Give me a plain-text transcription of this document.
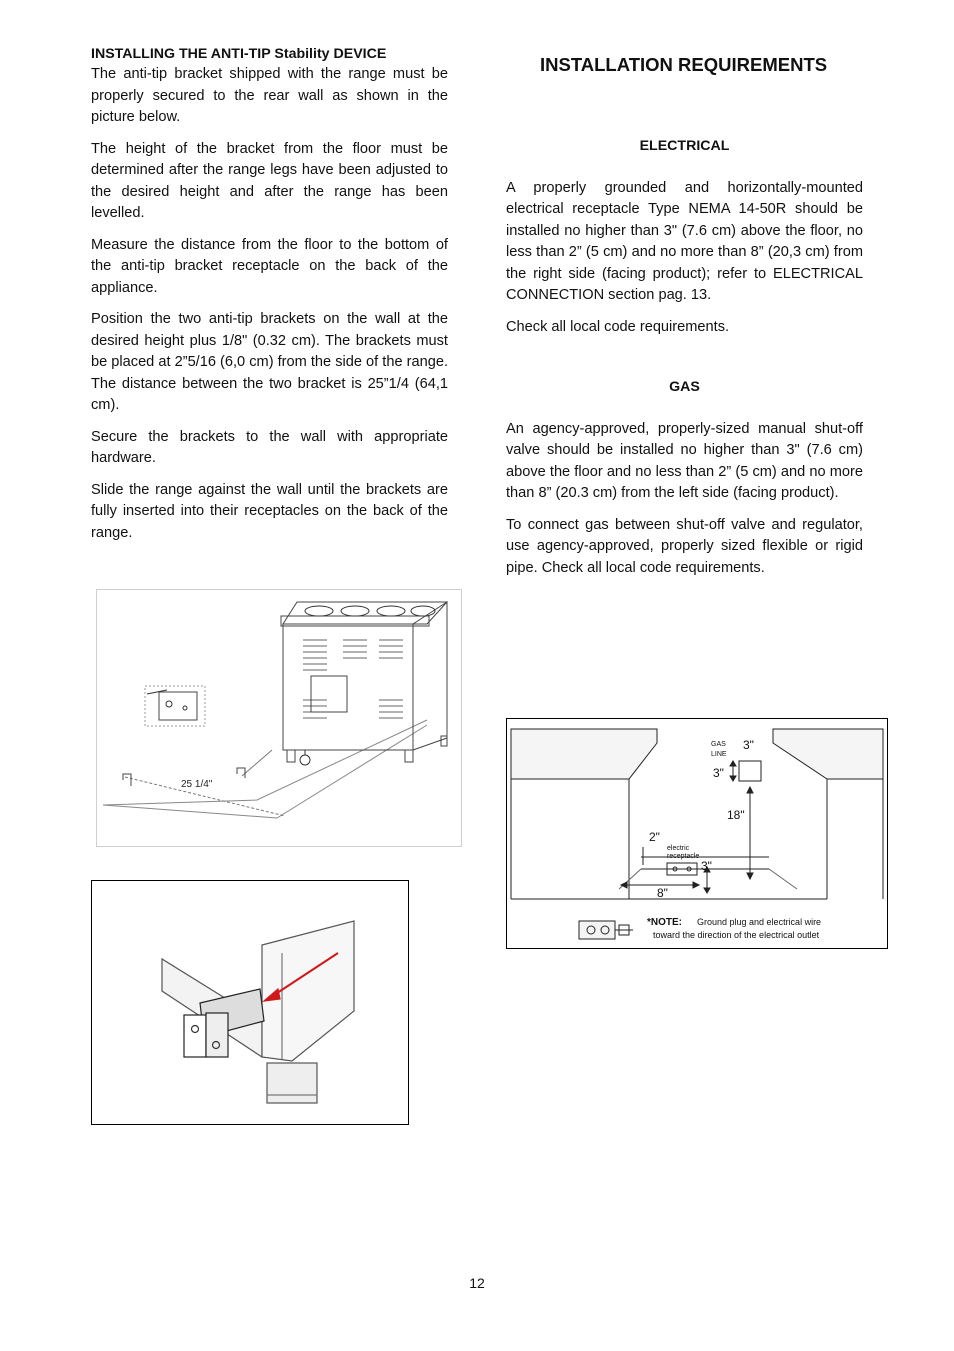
INSTALLING THE ANTI-TIP Stability DEVICE

The anti-tip bracket shipped with the range must be properly secured to the rear wall as shown in the picture below.

The height of the bracket from the floor must be determined after the range legs have been adjusted to the desired height and after the range has been levelled.

Measure the distance from the floor to the bottom of the anti-tip bracket receptacle on the back of the appliance.

Position the two anti-tip brackets on the wall at the desired height plus 1/8" (0.32 cm). The brackets must be placed at 2”5/16 (6,0 cm) from the side of the range. The distance between the two bracket is 25”1/4 (64,1 cm).

Secure the brackets to the wall with appropriate hardware.

Slide the range against the wall until the brackets are fully inserted into their receptacles on the back of the range.

INSTALLATION REQUIREMENTS
ELECTRICAL

A properly grounded and horizontally-mounted electrical receptacle Type NEMA 14-50R should be installed no higher than 3" (7.6 cm) above the floor, no less than 2” (5 cm) and no more than 8” (20,3 cm) from the right side (facing product); refer to ELECTRICAL CONNECTION section pag. 13.

Check all local code requirements.

GAS

An agency-approved, properly-sized manual shut-off valve should be installed no higher than 3" (7.6 cm) above the floor and no less than 2” (5 cm) and no more than 8” (20.3 cm) from the left side (facing product).

To connect gas between shut-off valve and regulator, use agency-approved, properly sized flexible or rigid pipe. Check all local code requirements.

25 1/4"
GAS
LINE
3"
3"
18"
2"
electric
receptacle
3"
8"
*NOTE: Ground plug and electrical wire
toward the direction of the electrical outlet
12
